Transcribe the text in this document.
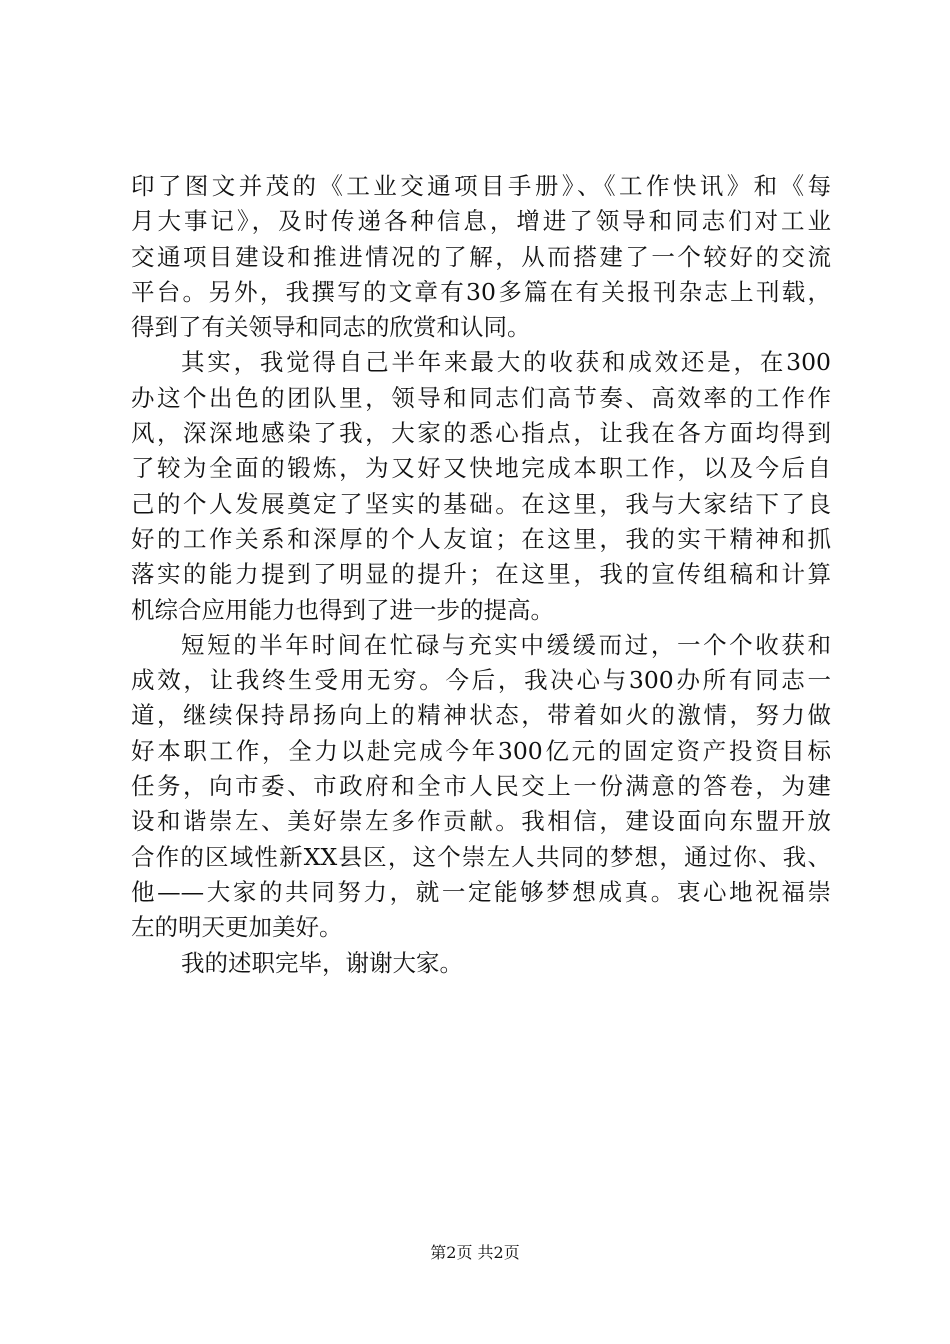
印了图文并茂的《工业交通项目手册》、《工作快讯》和《每
月大事记》，及时传递各种信息，增进了领导和同志们对工业
交通项目建设和推进情况的了解，从而搭建了一个较好的交流
平台。另外，我撰写的文章有30多篇在有关报刊杂志上刊载，
得到了有关领导和同志的欣赏和认同。
其实，我觉得自己半年来最大的收获和成效还是，在300
办这个出色的团队里，领导和同志们高节奏、高效率的工作作
风，深深地感染了我，大家的悉心指点，让我在各方面均得到
了较为全面的锻炼，为又好又快地完成本职工作，以及今后自
己的个人发展奠定了坚实的基础。在这里，我与大家结下了良
好的工作关系和深厚的个人友谊；在这里，我的实干精神和抓
落实的能力提到了明显的提升；在这里，我的宣传组稿和计算
机综合应用能力也得到了进一步的提高。
短短的半年时间在忙碌与充实中缓缓而过，一个个收获和
成效，让我终生受用无穷。今后，我决心与300办所有同志一
道，继续保持昂扬向上的精神状态，带着如火的激情，努力做
好本职工作，全力以赴完成今年300亿元的固定资产投资目标
任务，向市委、市政府和全市人民交上一份满意的答卷，为建
设和谐崇左、美好崇左多作贡献。我相信，建设面向东盟开放
合作的区域性新XX县区，这个崇左人共同的梦想，通过你、我、
他——大家的共同努力，就一定能够梦想成真。衷心地祝福崇
左的明天更加美好。
我的述职完毕，谢谢大家。
第2页 共2页
